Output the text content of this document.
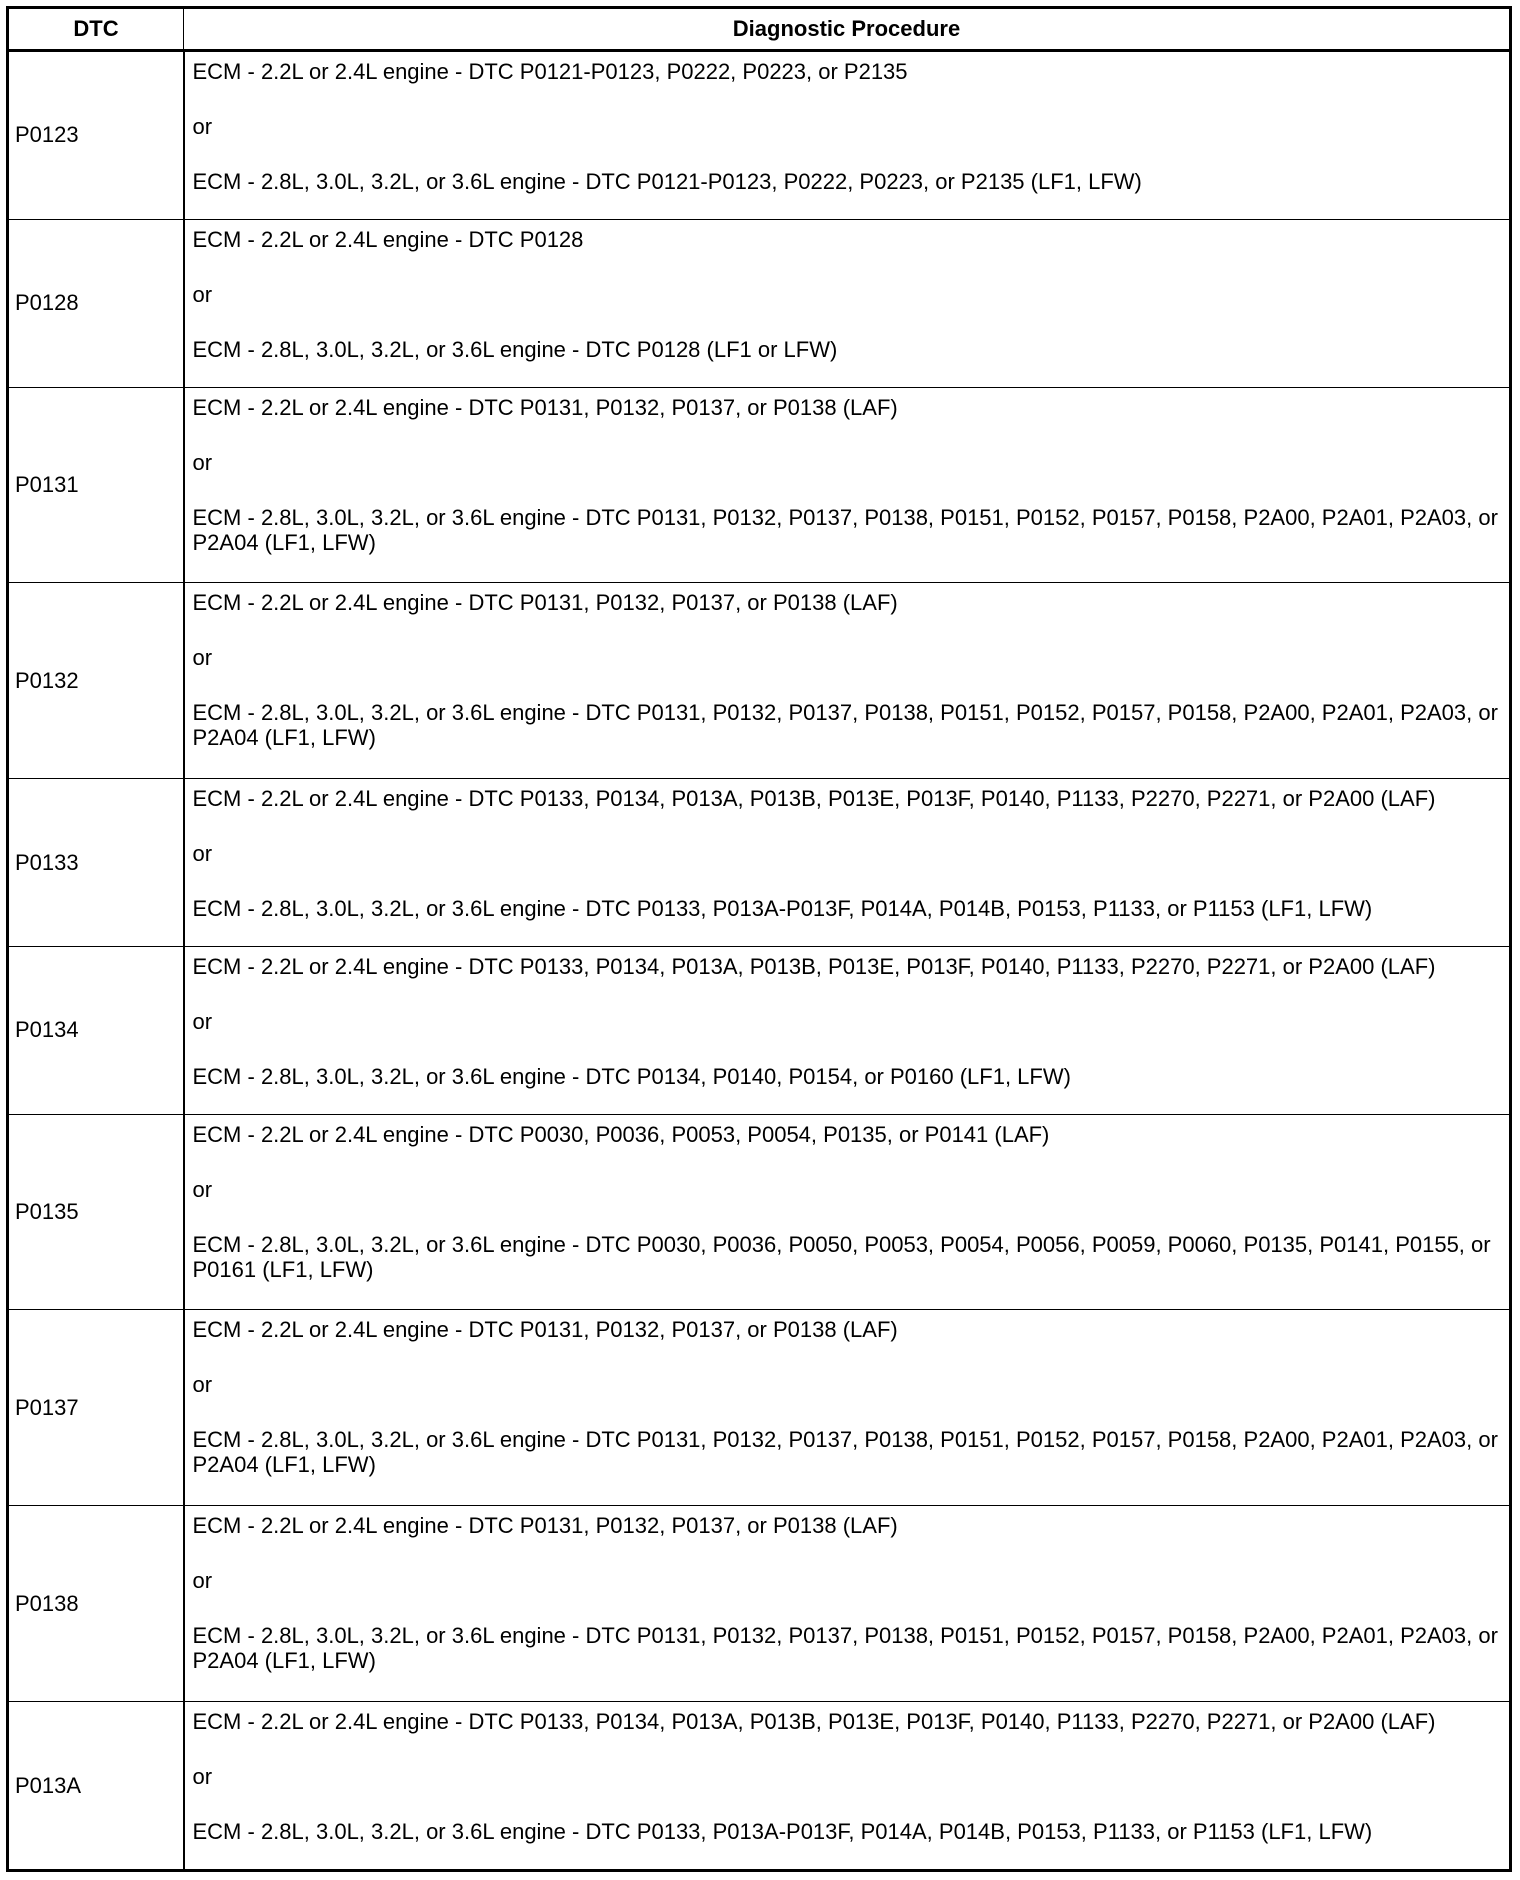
DTC	Diagnostic Procedure
P0123	ECM - 2.2L or 2.4L engine - DTC P0121-P0123, P0222, P0223, or P2135
or
ECM - 2.8L, 3.0L, 3.2L, or 3.6L engine - DTC P0121-P0123, P0222, P0223, or P2135 (LF1, LFW)

P0128	ECM - 2.2L or 2.4L engine - DTC P0128
or
ECM - 2.8L, 3.0L, 3.2L, or 3.6L engine - DTC P0128 (LF1 or LFW)

P0131	ECM - 2.2L or 2.4L engine - DTC P0131, P0132, P0137, or P0138 (LAF)
or
ECM - 2.8L, 3.0L, 3.2L, or 3.6L engine - DTC P0131, P0132, P0137, P0138, P0151, P0152, P0157, P0158, P2A00, P2A01, P2A03, or P2A04 (LF1, LFW)

P0132	ECM - 2.2L or 2.4L engine - DTC P0131, P0132, P0137, or P0138 (LAF)
or
ECM - 2.8L, 3.0L, 3.2L, or 3.6L engine - DTC P0131, P0132, P0137, P0138, P0151, P0152, P0157, P0158, P2A00, P2A01, P2A03, or P2A04 (LF1, LFW)

P0133	ECM - 2.2L or 2.4L engine - DTC P0133, P0134, P013A, P013B, P013E, P013F, P0140, P1133, P2270, P2271, or P2A00 (LAF)
or
ECM - 2.8L, 3.0L, 3.2L, or 3.6L engine - DTC P0133, P013A-P013F, P014A, P014B, P0153, P1133, or P1153 (LF1, LFW)

P0134	ECM - 2.2L or 2.4L engine - DTC P0133, P0134, P013A, P013B, P013E, P013F, P0140, P1133, P2270, P2271, or P2A00 (LAF)
or
ECM - 2.8L, 3.0L, 3.2L, or 3.6L engine - DTC P0134, P0140, P0154, or P0160 (LF1, LFW)

P0135	ECM - 2.2L or 2.4L engine - DTC P0030, P0036, P0053, P0054, P0135, or P0141 (LAF)
or
ECM - 2.8L, 3.0L, 3.2L, or 3.6L engine - DTC P0030, P0036, P0050, P0053, P0054, P0056, P0059, P0060, P0135, P0141, P0155, or P0161 (LF1, LFW)

P0137	ECM - 2.2L or 2.4L engine - DTC P0131, P0132, P0137, or P0138 (LAF)
or
ECM - 2.8L, 3.0L, 3.2L, or 3.6L engine - DTC P0131, P0132, P0137, P0138, P0151, P0152, P0157, P0158, P2A00, P2A01, P2A03, or P2A04 (LF1, LFW)

P0138	ECM - 2.2L or 2.4L engine - DTC P0131, P0132, P0137, or P0138 (LAF)
or
ECM - 2.8L, 3.0L, 3.2L, or 3.6L engine - DTC P0131, P0132, P0137, P0138, P0151, P0152, P0157, P0158, P2A00, P2A01, P2A03, or P2A04 (LF1, LFW)

P013A	ECM - 2.2L or 2.4L engine - DTC P0133, P0134, P013A, P013B, P013E, P013F, P0140, P1133, P2270, P2271, or P2A00 (LAF)
or
ECM - 2.8L, 3.0L, 3.2L, or 3.6L engine - DTC P0133, P013A-P013F, P014A, P014B, P0153, P1133, or P1153 (LF1, LFW)
